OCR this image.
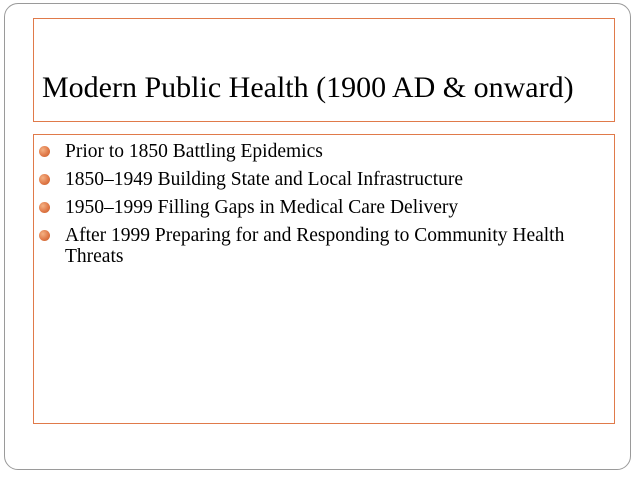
Modern Public Health (1900 AD & onward)
Prior to 1850 Battling Epidemics
1850–1949 Building State and Local Infrastructure
1950–1999 Filling Gaps in Medical Care Delivery
After 1999 Preparing for and Responding to Community Health Threats
